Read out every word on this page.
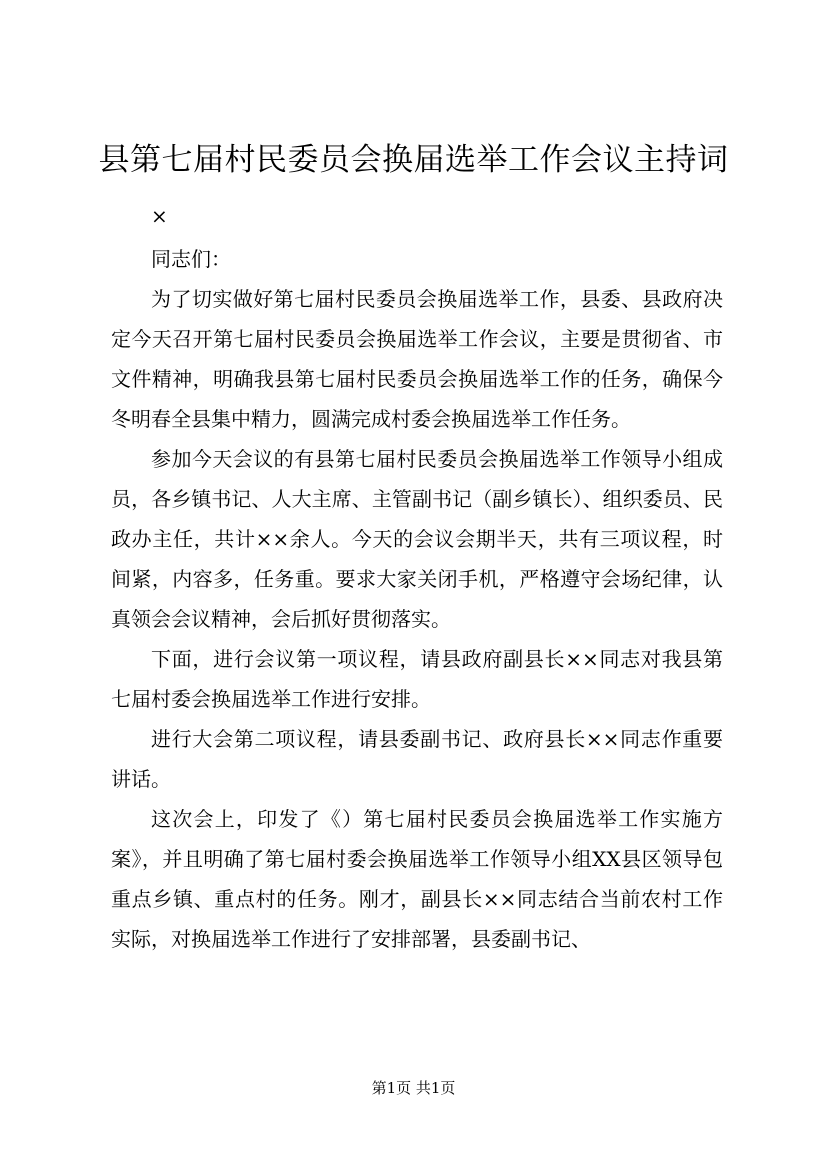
县第七届村民委员会换届选举工作会议主持词

×

同志们：

为了切实做好第七届村民委员会换届选举工作，县委、县政府决定今天召开第七届村民委员会换届选举工作会议，主要是贯彻省、市文件精神，明确我县第七届村民委员会换届选举工作的任务，确保今冬明春全县集中精力，圆满完成村委会换届选举工作任务。

参加今天会议的有县第七届村民委员会换届选举工作领导小组成员，各乡镇书记、人大主席、主管副书记（副乡镇长）、组织委员、民政办主任，共计××余人。今天的会议会期半天，共有三项议程，时间紧，内容多，任务重。要求大家关闭手机，严格遵守会场纪律，认真领会会议精神，会后抓好贯彻落实。

下面，进行会议第一项议程，请县政府副县长××同志对我县第七届村委会换届选举工作进行安排。

进行大会第二项议程，请县委副书记、政府县长××同志作重要讲话。

这次会上，印发了《）第七届村民委员会换届选举工作实施方案》，并且明确了第七届村委会换届选举工作领导小组XX县区领导包重点乡镇、重点村的任务。刚才，副县长××同志结合当前农村工作实际，对换届选举工作进行了安排部署，县委副书记、

第1页 共1页
